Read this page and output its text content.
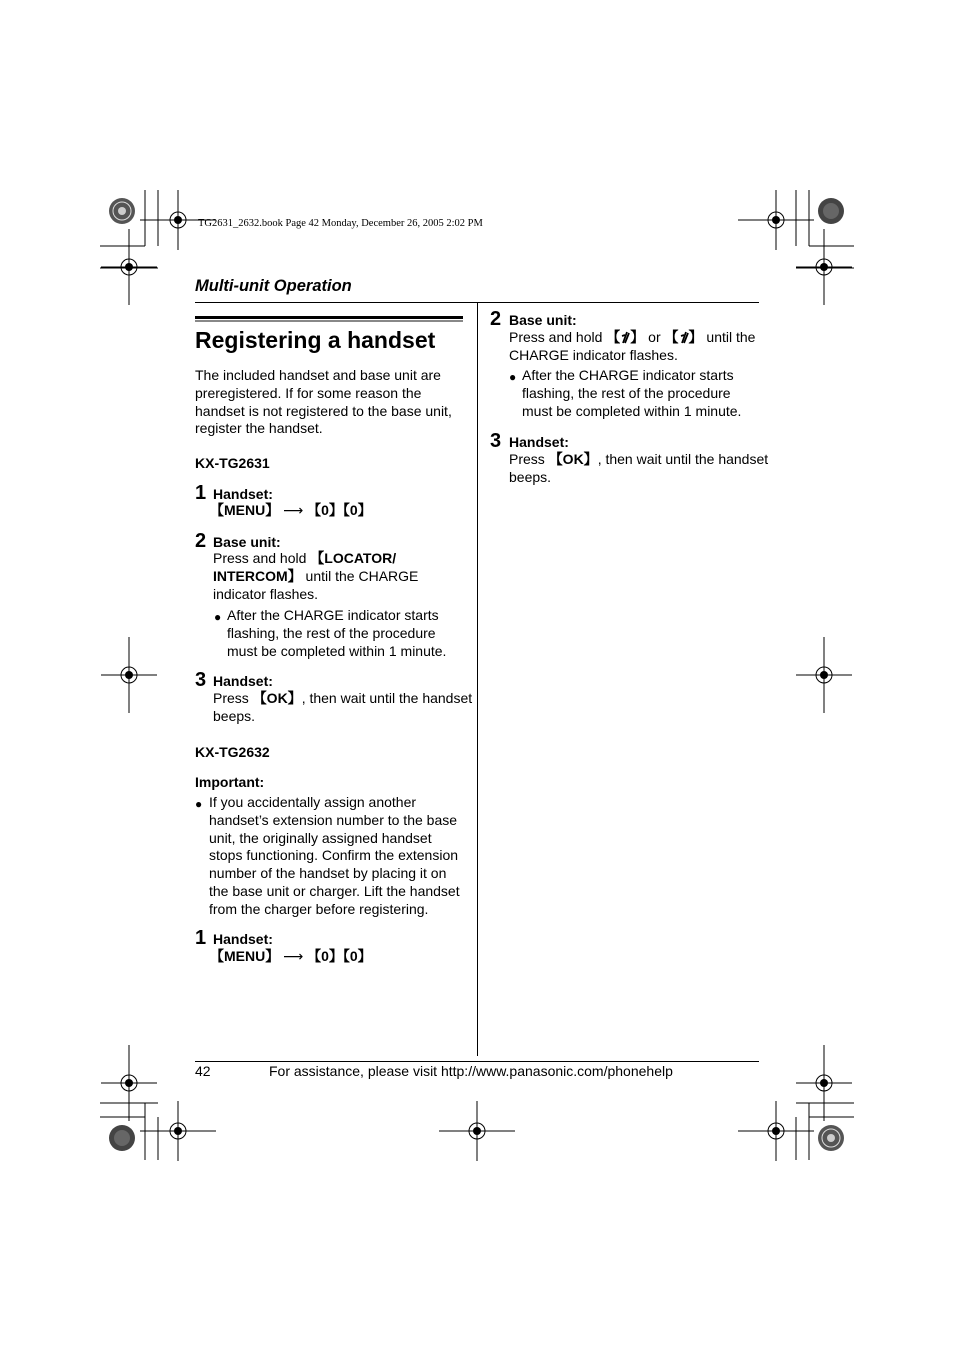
TG2631_2632.book Page 42 Monday, December 26, 2005 2:02 PM
Multi-unit Operation
Registering a handset
The included handset and base unit are
preregistered. If for some reason the
handset is not registered to the base unit,
register the handset.
KX-TG2631
1 Handset:
【MENU】 ⟶ 【0】【0】
2 Base unit:
Press and hold 【LOCATOR/
INTERCOM】 until the CHARGE
indicator flashes.
● After the CHARGE indicator starts
flashing, the rest of the procedure
must be completed within 1 minute.
3 Handset:
Press 【OK】, then wait until the handset
beeps.
KX-TG2632
Important:
● If you accidentally assign another
handset’s extension number to the base
unit, the originally assigned handset
stops functioning. Confirm the extension
number of the handset by placing it on
the base unit or charger. Lift the handset
from the charger before registering.
1 Handset:
【MENU】 ⟶ 【0】【0】
2 Base unit:
Press and hold 【 】 or 【 】 until the
CHARGE indicator flashes.
● After the CHARGE indicator starts
flashing, the rest of the procedure
must be completed within 1 minute.
3 Handset:
Press 【OK】, then wait until the handset
beeps.
42	For assistance, please visit http://www.panasonic.com/phonehelp
